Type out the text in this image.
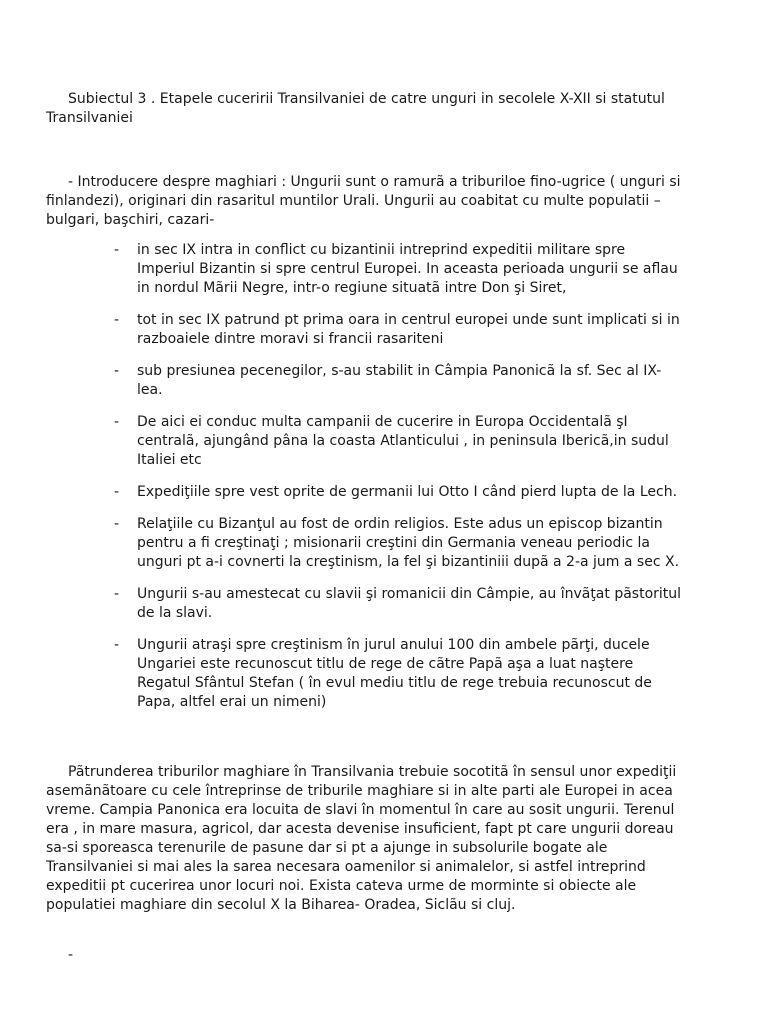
Subiectul 3 . Etapele cuceririi Transilvaniei de catre unguri in secolele X-XII si statutul Transilvaniei

- Introducere despre maghiari : Ungurii sunt o ramurã a triburiloe fino-ugrice ( unguri si finlandezi), originari din rasaritul muntilor Urali. Ungurii au coabitat cu multe populatii – bulgari, başchiri, cazari-

- in sec IX intra in conflict cu bizantinii intreprind expeditii militare spre Imperiul Bizantin si spre centrul Europei. In aceasta perioada ungurii se aflau in nordul Mãrii Negre, intr-o regiune situatã intre Don şi Siret,
- tot in sec IX patrund pt prima oara in centrul europei unde sunt implicati si in razboaiele dintre moravi si francii rasariteni
- sub presiunea pecenegilor, s-au stabilit in Câmpia Panonicã la sf. Sec al IX-lea.
- De aici ei conduc multa campanii de cucerire in Europa Occidentalã şI centralã, ajungând pâna la coasta Atlanticului , in peninsula Ibericã,in sudul Italiei etc
- Expediţiile spre vest oprite de germanii lui Otto I când pierd lupta de la Lech.
- Relaţiile cu Bizanţul au fost de ordin religios. Este adus un episcop bizantin pentru a fi creştinaţi ; misionarii creştini din Germania veneau periodic la unguri pt a-i covnerti la creştinism, la fel şi bizantiniii dupã a 2-a jum a sec X.
- Ungurii s-au amestecat cu slavii şi romanicii din Câmpie, au învãţat pãstoritul de la slavi.
- Ungurii atraşi spre creştinism în jurul anului 100 din ambele pãrţi, ducele Ungariei este recunoscut titlu de rege de cãtre Papã aşa a luat naştere Regatul Sfântul Stefan ( în evul mediu titlu de rege trebuia recunoscut de Papa, altfel erai un nimeni)

Pãtrunderea triburilor maghiare în Transilvania trebuie socotitã în sensul unor expediţii asemãnãtoare cu cele întreprinse de triburile maghiare si in alte parti ale Europei in acea vreme. Campia Panonica era locuita de slavi în momentul în care au sosit ungurii. Terenul era , in mare masura, agricol, dar acesta devenise insuficient, fapt pt care ungurii doreau sa-si sporeasca terenurile de pasune dar si pt a ajunge in subsolurile bogate ale Transilvaniei si mai ales la sarea necesara oamenilor si animalelor, si astfel intreprind expeditii pt cucerirea unor locuri noi. Exista cateva urme de morminte si obiecte ale populatiei maghiare din secolul X la Biharea- Oradea, Siclãu si cluj.

-
